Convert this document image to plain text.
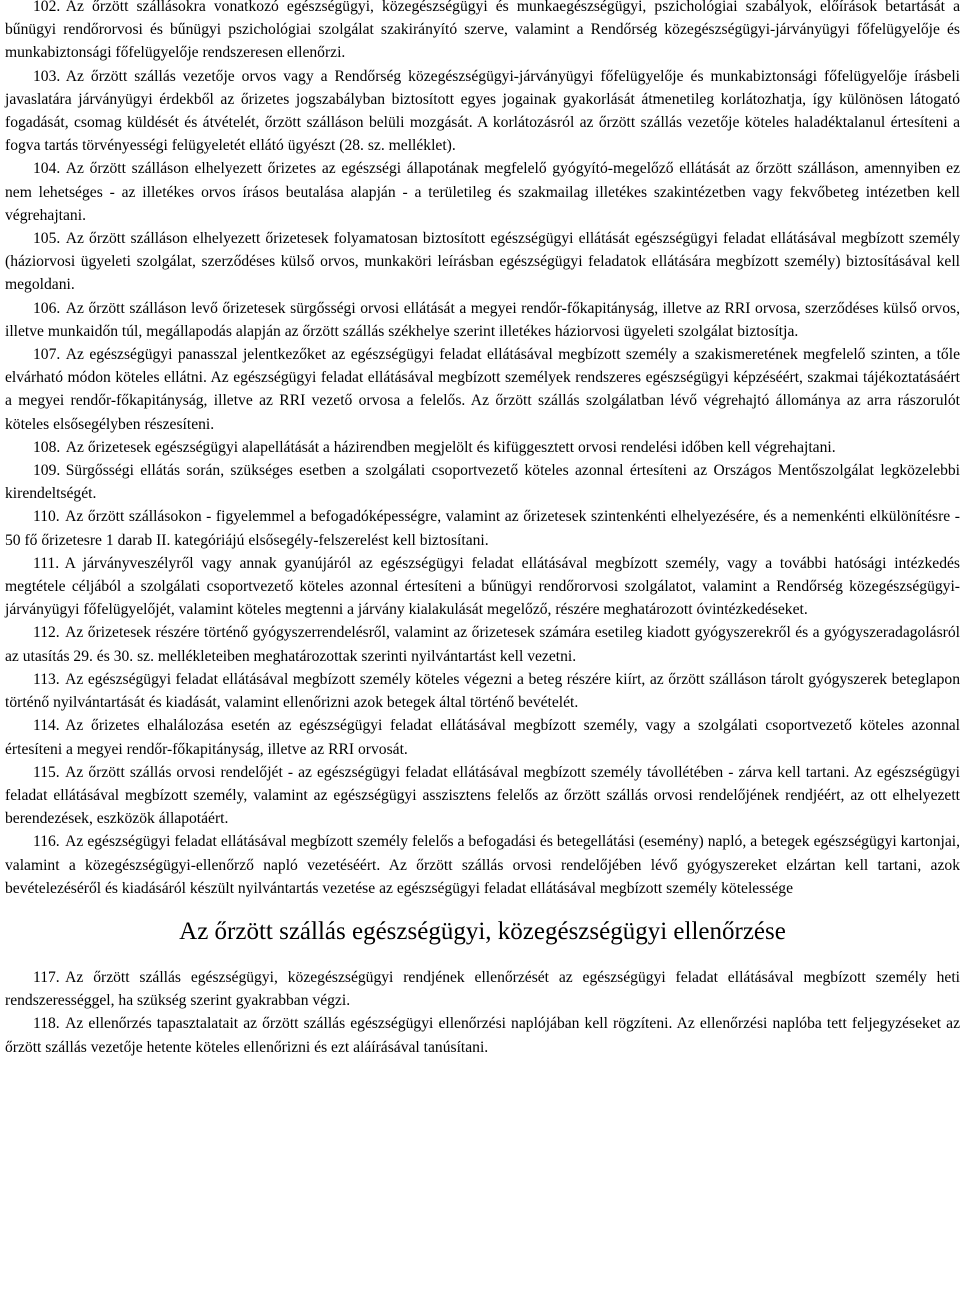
102. Az őrzött szállásokra vonatkozó egészségügyi, közegészségügyi és munkaegészségügyi, pszichológiai szabályok, előírások betartását a bűnügyi rendőrorvosi és bűnügyi pszichológiai szolgálat szakirányító szerve, valamint a Rendőrség közegészségügyi-járványügyi főfelügyelője és munkabiztonsági főfelügyelője rendszeresen ellenőrzi.

103. Az őrzött szállás vezetője orvos vagy a Rendőrség közegészségügyi-járványügyi főfelügyelője és munkabiztonsági főfelügyelője írásbeli javaslatára járványügyi érdekből az őrizetes jogszabályban biztosított egyes jogainak gyakorlását átmenetileg korlátozhatja, így különösen látogató fogadását, csomag küldését és átvételét, őrzött szálláson belüli mozgását. A korlátozásról az őrzött szállás vezetője köteles haladéktalanul értesíteni a fogva tartás törvényességi felügyeletét ellátó ügyészt (28. sz. melléklet).

104. Az őrzött szálláson elhelyezett őrizetes az egészségi állapotának megfelelő gyógyító-megelőző ellátását az őrzött szálláson, amennyiben ez nem lehetséges - az illetékes orvos írásos beutalása alapján - a területileg és szakmailag illetékes szakintézetben vagy fekvőbeteg intézetben kell végrehajtani.

105. Az őrzött szálláson elhelyezett őrizetesek folyamatosan biztosított egészségügyi ellátását egészségügyi feladat ellátásával megbízott személy (háziorvosi ügyeleti szolgálat, szerződéses külső orvos, munkaköri leírásban egészségügyi feladatok ellátására megbízott személy) biztosításával kell megoldani.

106. Az őrzött szálláson levő őrizetesek sürgősségi orvosi ellátását a megyei rendőr-főkapitányság, illetve az RRI orvosa, szerződéses külső orvos, illetve munkaidőn túl, megállapodás alapján az őrzött szállás székhelye szerint illetékes háziorvosi ügyeleti szolgálat biztosítja.

107. Az egészségügyi panasszal jelentkezőket az egészségügyi feladat ellátásával megbízott személy a szakismeretének megfelelő szinten, a tőle elvárható módon köteles ellátni. Az egészségügyi feladat ellátásával megbízott személyek rendszeres egészségügyi képzéséért, szakmai tájékoztatásáért a megyei rendőr-főkapitányság, illetve az RRI vezető orvosa a felelős. Az őrzött szállás szolgálatban lévő végrehajtó állománya az arra rászorulót köteles elsősegélyben részesíteni.

108. Az őrizetesek egészségügyi alapellátását a házirendben megjelölt és kifüggesztett orvosi rendelési időben kell végrehajtani.

109. Sürgősségi ellátás során, szükséges esetben a szolgálati csoportvezető köteles azonnal értesíteni az Országos Mentőszolgálat legközelebbi kirendeltségét.

110. Az őrzött szállásokon - figyelemmel a befogadóképességre, valamint az őrizetesek szintenkénti elhelyezésére, és a nemenkénti elkülönítésre - 50 fő őrizetesre 1 darab II. kategóriájú elsősegély-felszerelést kell biztosítani.

111. A járványveszélyről vagy annak gyanújáról az egészségügyi feladat ellátásával megbízott személy, vagy a további hatósági intézkedés megtétele céljából a szolgálati csoportvezető köteles azonnal értesíteni a bűnügyi rendőrorvosi szolgálatot, valamint a Rendőrség közegészségügyi-járványügyi főfelügyelőjét, valamint köteles megtenni a járvány kialakulását megelőző, részére meghatározott óvintézkedéseket.

112. Az őrizetesek részére történő gyógyszerrendelésről, valamint az őrizetesek számára esetileg kiadott gyógyszerekről és a gyógyszeradagolásról az utasítás 29. és 30. sz. mellékleteiben meghatározottak szerinti nyilvántartást kell vezetni.

113. Az egészségügyi feladat ellátásával megbízott személy köteles végezni a beteg részére kiírt, az őrzött szálláson tárolt gyógyszerek beteglapon történő nyilvántartását és kiadását, valamint ellenőrizni azok betegek által történő bevételét.

114. Az őrizetes elhalálozása esetén az egészségügyi feladat ellátásával megbízott személy, vagy a szolgálati csoportvezető köteles azonnal értesíteni a megyei rendőr-főkapitányság, illetve az RRI orvosát.

115. Az őrzött szállás orvosi rendelőjét - az egészségügyi feladat ellátásával megbízott személy távollétében - zárva kell tartani. Az egészségügyi feladat ellátásával megbízott személy, valamint az egészségügyi asszisztens felelős az őrzött szállás orvosi rendelőjének rendjéért, az ott elhelyezett berendezések, eszközök állapotáért.

116. Az egészségügyi feladat ellátásával megbízott személy felelős a befogadási és betegellátási (esemény) napló, a betegek egészségügyi kartonjai, valamint a közegészségügyi-ellenőrző napló vezetéséért. Az őrzött szállás orvosi rendelőjében lévő gyógyszereket elzártan kell tartani, azok bevételezéséről és kiadásáról készült nyilvántartás vezetése az egészségügyi feladat ellátásával megbízott személy kötelessége

Az őrzött szállás egészségügyi, közegészségügyi ellenőrzése

117. Az őrzött szállás egészségügyi, közegészségügyi rendjének ellenőrzését az egészségügyi feladat ellátásával megbízott személy heti rendszerességgel, ha szükség szerint gyakrabban végzi.

118. Az ellenőrzés tapasztalatait az őrzött szállás egészségügyi ellenőrzési naplójában kell rögzíteni. Az ellenőrzési naplóba tett feljegyzéseket az őrzött szállás vezetője hetente köteles ellenőrizni és ezt aláírásával tanúsítani.
